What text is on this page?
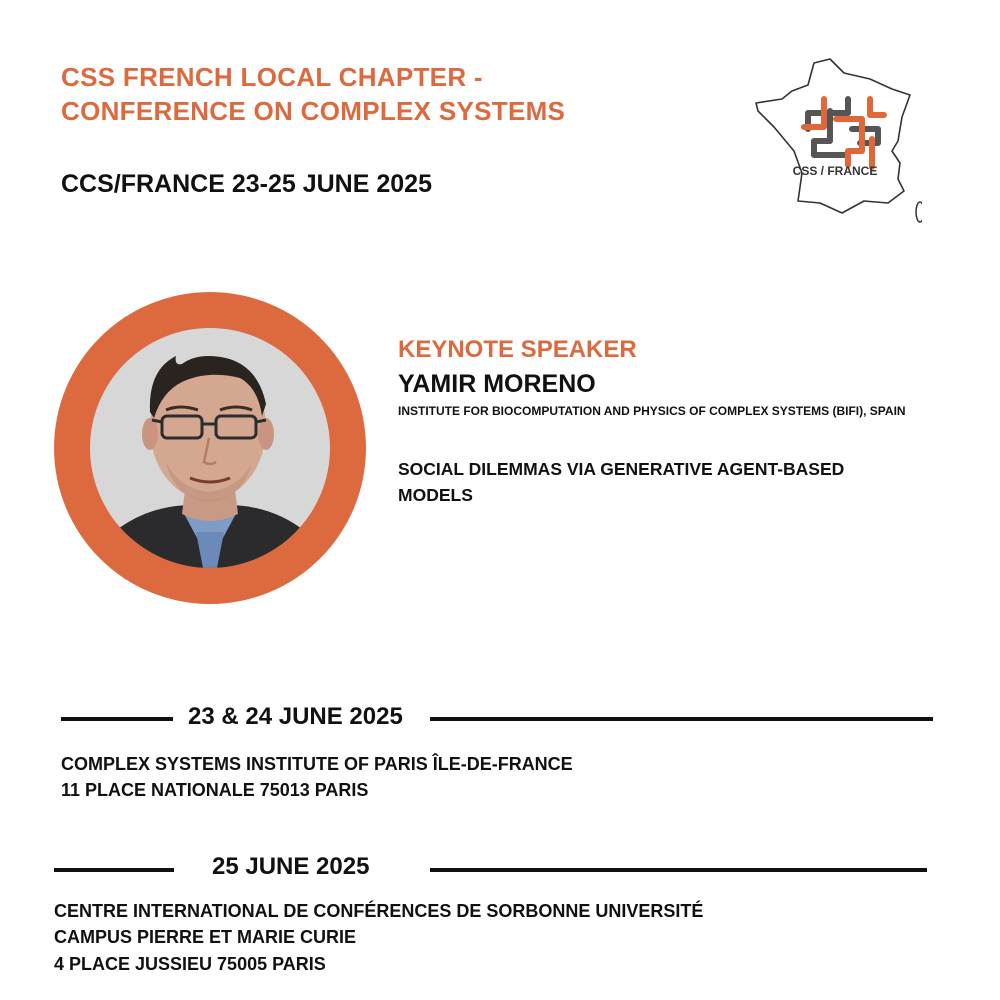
CSS FRENCH LOCAL CHAPTER -
CONFERENCE ON COMPLEX SYSTEMS
CCS/FRANCE 23-25 JUNE 2025	CSS / FRANCE
KEYNOTE SPEAKER
YAMIR MORENO
INSTITUTE FOR BIOCOMPUTATION AND PHYSICS OF COMPLEX SYSTEMS (BIFI), SPAIN
SOCIAL DILEMMAS VIA GENERATIVE AGENT-BASED
MODELS
23 & 24 JUNE 2025
COMPLEX SYSTEMS INSTITUTE OF PARIS ÎLE-DE-FRANCE
11 PLACE NATIONALE 75013 PARIS
25 JUNE 2025
CENTRE INTERNATIONAL DE CONFÉRENCES DE SORBONNE UNIVERSITÉ
CAMPUS PIERRE ET MARIE CURIE
4 PLACE JUSSIEU 75005 PARIS
